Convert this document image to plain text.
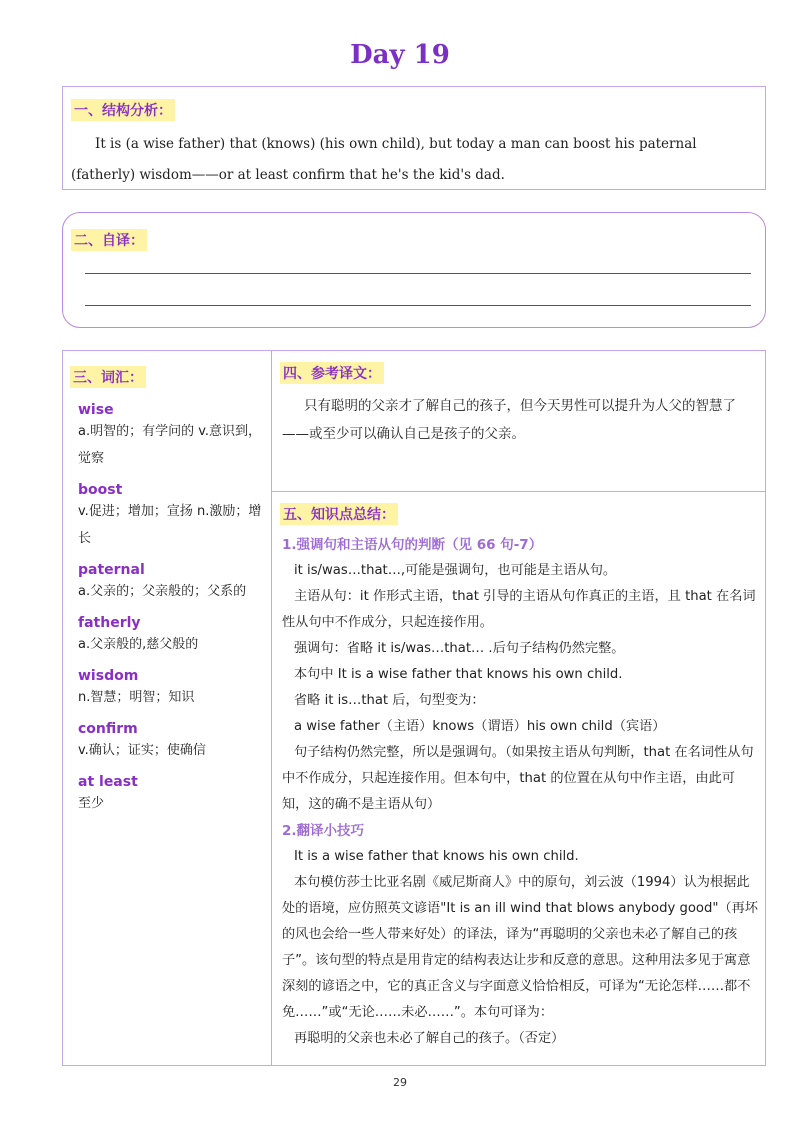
Day 19
一、结构分析：
It is (a wise father) that (knows) (his own child), but today a man can boost his paternal (fatherly) wisdom——or at least confirm that he's the kid's dad.
二、自译：
三、词汇：
wise
a.明智的；有学问的 v.意识到，觉察
boost
v.促进；增加；宣扬 n.激励；增长
paternal
a.父亲的；父亲般的；父系的
fatherly
a.父亲般的,慈父般的
wisdom
n.智慧；明智；知识
confirm
v.确认；证实；使确信
at least
至少
四、参考译文：
只有聪明的父亲才了解自己的孩子，但今天男性可以提升为人父的智慧了——或至少可以确认自己是孩子的父亲。
五、知识点总结：
1.强调句和主语从句的判断（见 66 句-7）
it is/was…that…,可能是强调句，也可能是主语从句。
主语从句：it 作形式主语，that 引导的主语从句作真正的主语，且 that 在名词性从句中不作成分，只起连接作用。
强调句：省略 it is/was…that… .后句子结构仍然完整。
本句中 It is a wise father that knows his own child.
省略 it is…that 后，句型变为：
a wise father（主语）knows（谓语）his own child（宾语）
句子结构仍然完整，所以是强调句。（如果按主语从句判断，that 在名词性从句中不作成分，只起连接作用。但本句中，that 的位置在从句中作主语，由此可知，这的确不是主语从句）
2.翻译小技巧
It is a wise father that knows his own child.
本句模仿莎士比亚名剧《威尼斯商人》中的原句，刘云波（1994）认为根据此处的语境，应仿照英文谚语"It is an ill wind that blows anybody good"（再坏的风也会给一些人带来好处）的译法，译为“再聪明的父亲也未必了解自己的孩子”。该句型的特点是用肯定的结构表达让步和反意的意思。这种用法多见于寓意深刻的谚语之中，它的真正含义与字面意义恰恰相反，可译为“无论怎样……都不免……”或“无论……未必……”。本句可译为：
再聪明的父亲也未必了解自己的孩子。（否定）
29
